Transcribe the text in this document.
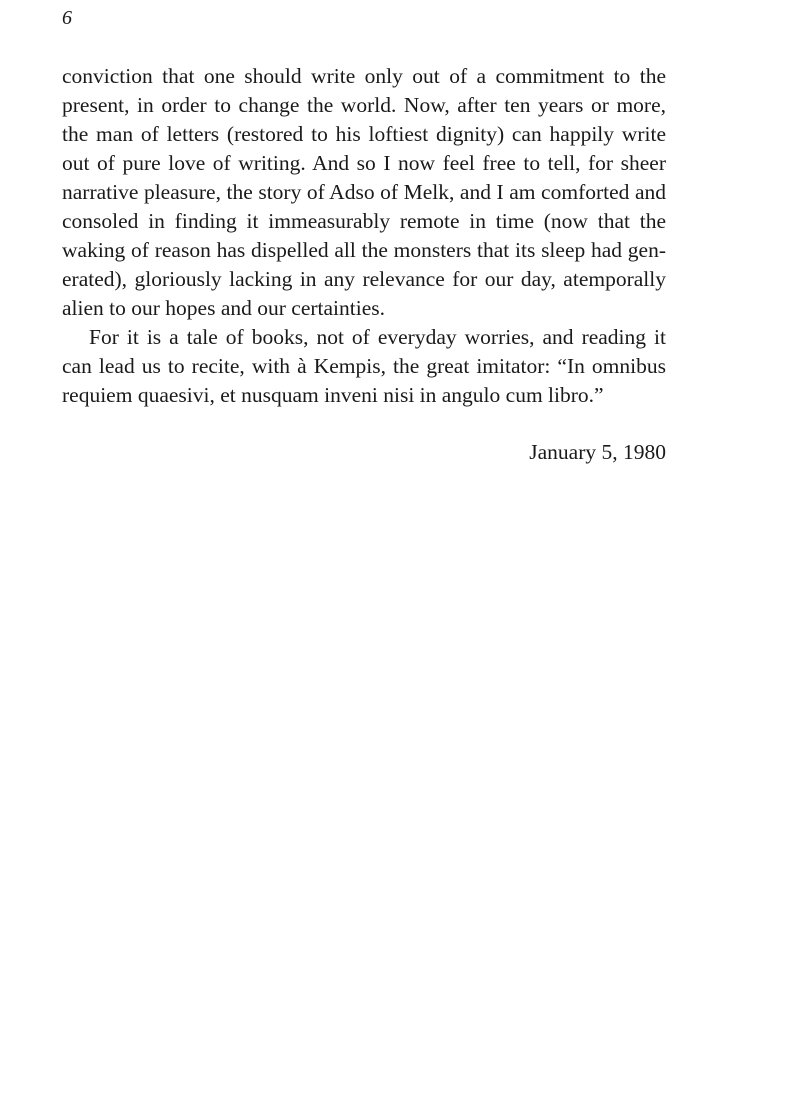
6

conviction that one should write only out of a commitment to the
present, in order to change the world. Now, after ten years or more,
the man of letters (restored to his loftiest dignity) can happily write
out of pure love of writing. And so I now feel free to tell, for sheer
narrative pleasure, the story of Adso of Melk, and I am comforted and
consoled in finding it immeasurably remote in time (now that the
waking of reason has dispelled all the monsters that its sleep had gen-
erated), gloriously lacking in any relevance for our day, atemporally
alien to our hopes and our certainties.

For it is a tale of books, not of everyday worries, and reading it
can lead us to recite, with à Kempis, the great imitator: “In omnibus
requiem quaesivi, et nusquam inveni nisi in angulo cum libro.”

January 5, 1980
